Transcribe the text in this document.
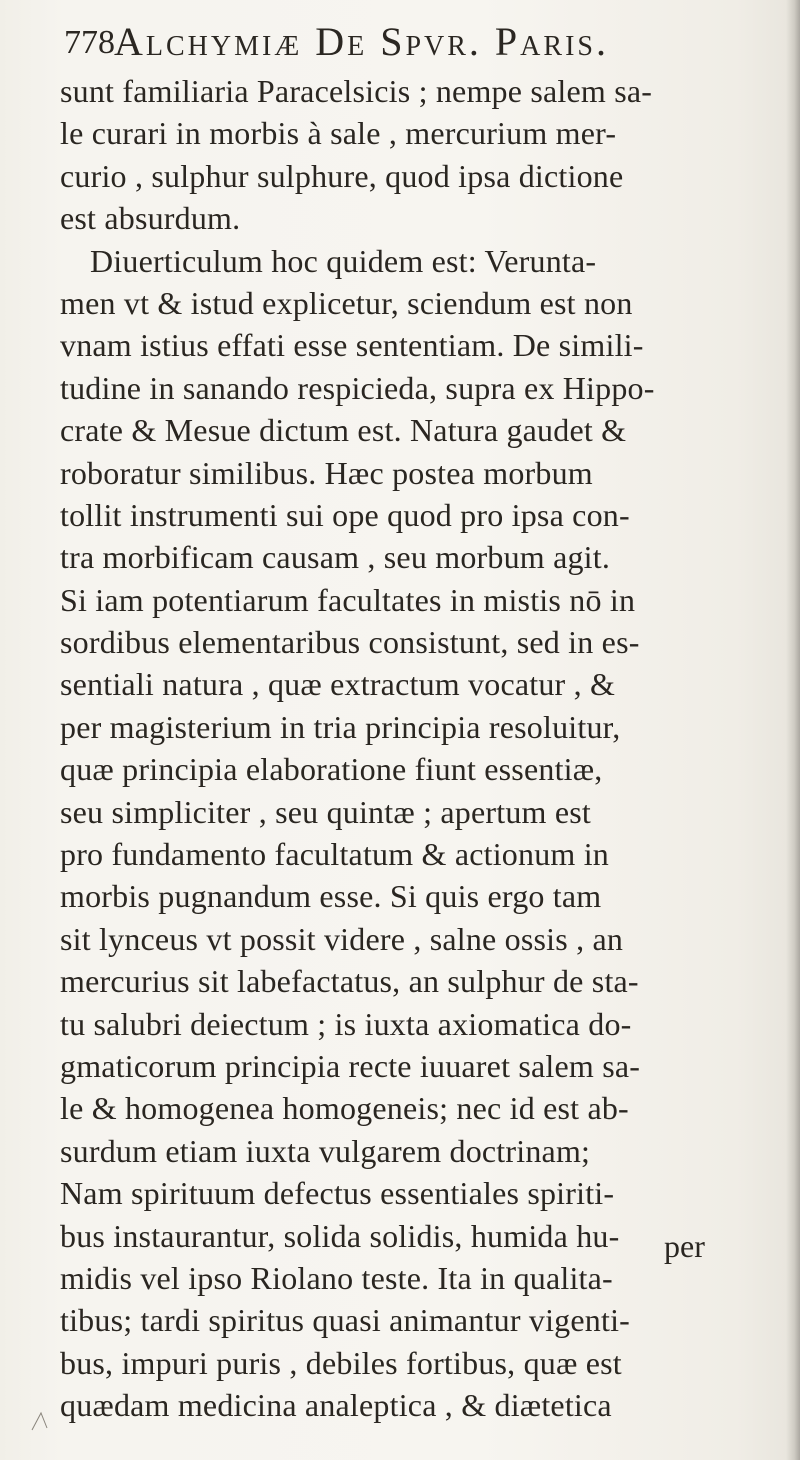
778 Alchymiæ De Spvr. Paris.
sunt familiaria Paracelsicis ; nempe salem sa-
le curari in morbis à sale , mercurium mer-
curio , sulphur sulphure, quod ipsa dictione
est absurdum.
Diuerticulum hoc quidem est: Verunta-
men vt & istud explicetur, sciendum est non
vnam istius effati esse sententiam. De simili-
tudine in sanando respicieda, supra ex Hippo-
crate & Mesue dictum est. Natura gaudet &
roboratur similibus. Hæc postea morbum
tollit instrumenti sui ope quod pro ipsa con-
tra morbificam causam , seu morbum agit.
Si iam potentiarum facultates in mistis nō in
sordibus elementaribus consistunt, sed in es-
sentiali natura , quæ extractum vocatur , &
per magisterium in tria principia resoluitur,
quæ principia elaboratione fiunt essentiæ,
seu simpliciter , seu quintæ ; apertum est
pro fundamento facultatum & actionum in
morbis pugnandum esse. Si quis ergo tam
sit lynceus vt possit videre , salne ossis , an
mercurius sit labefactatus, an sulphur de sta-
tu salubri deiectum ; is iuxta axiomatica do-
gmaticorum principia recte iuuaret salem sa-
le & homogenea homogeneis; nec id est ab-
surdum etiam iuxta vulgarem doctrinam;
Nam spirituum defectus essentiales spiriti-
bus instaurantur, solida solidis, humida hu-
midis vel ipso Riolano teste. Ita in qualita-
tibus; tardi spiritus quasi animantur vigenti-
bus, impuri puris , debiles fortibus, quæ est
quædam medicina analeptica , & diætetica
per
